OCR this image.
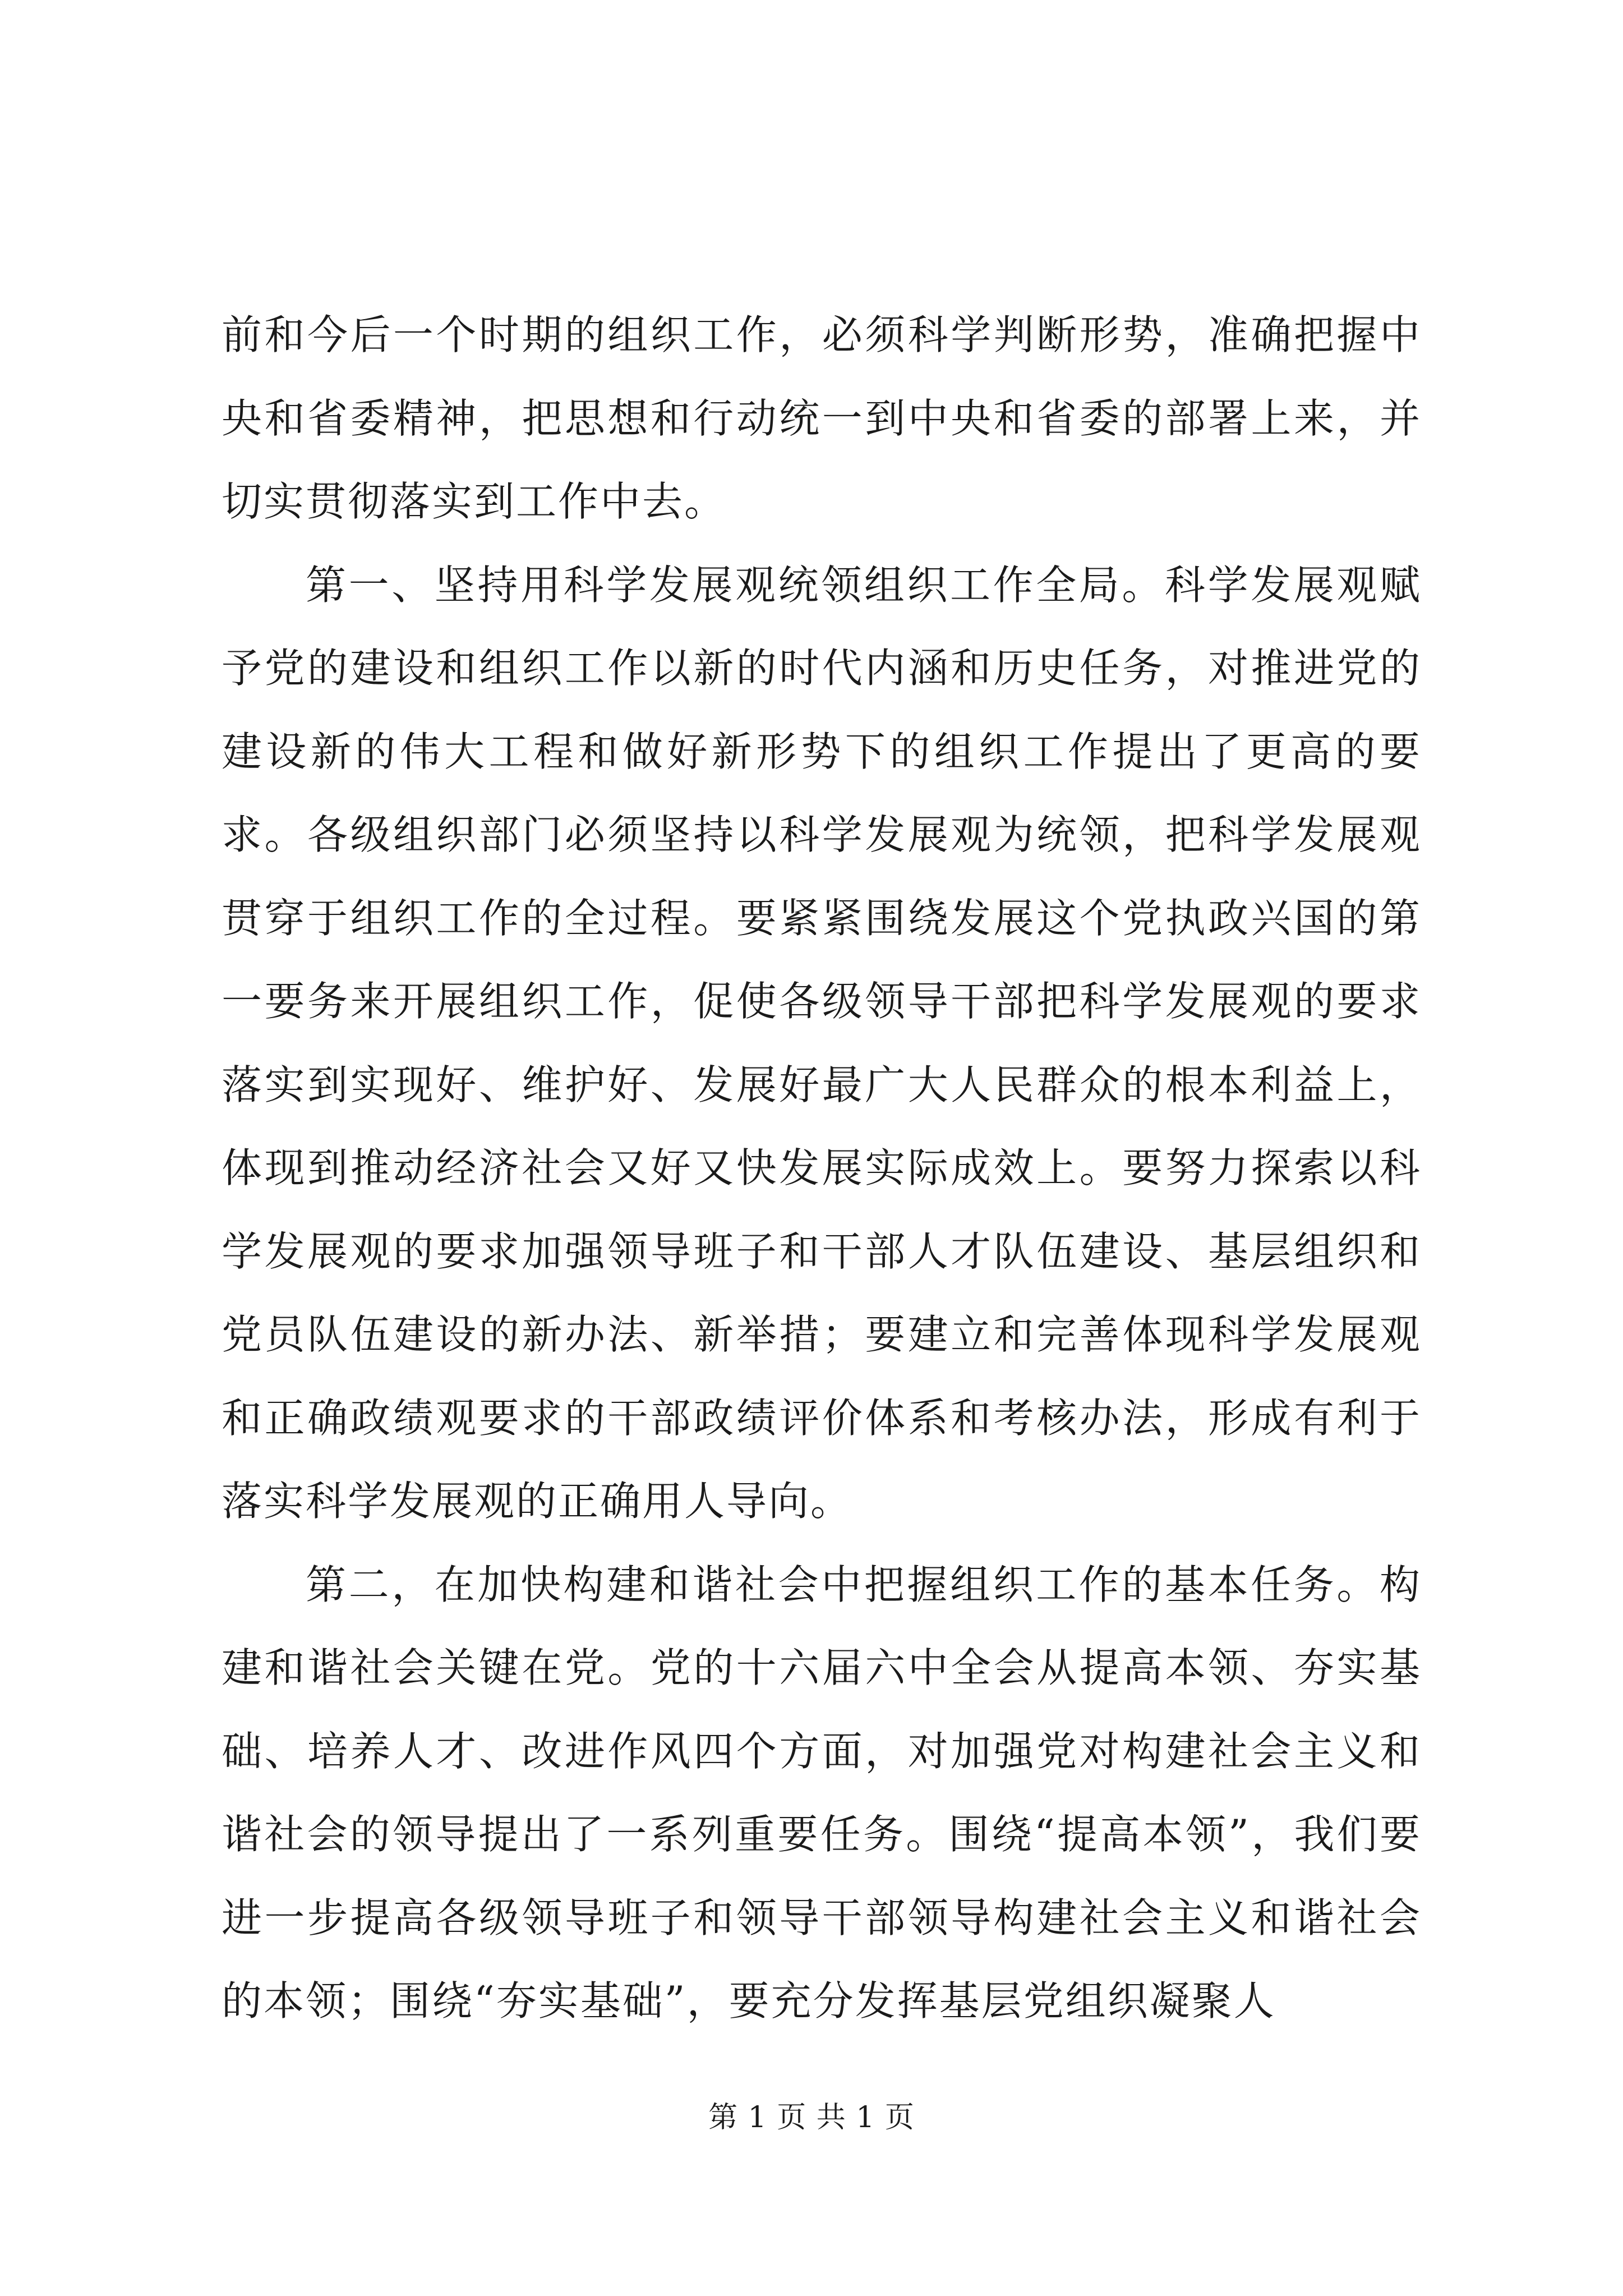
前和今后一个时期的组织工作，必须科学判断形势，准确把握中央和省委精神，把思想和行动统一到中央和省委的部署上来，并切实贯彻落实到工作中去。

第一、坚持用科学发展观统领组织工作全局。科学发展观赋予党的建设和组织工作以新的时代内涵和历史任务，对推进党的建设新的伟大工程和做好新形势下的组织工作提出了更高的要求。各级组织部门必须坚持以科学发展观为统领，把科学发展观贯穿于组织工作的全过程。要紧紧围绕发展这个党执政兴国的第一要务来开展组织工作，促使各级领导干部把科学发展观的要求落实到实现好、维护好、发展好最广大人民群众的根本利益上，体现到推动经济社会又好又快发展实际成效上。要努力探索以科学发展观的要求加强领导班子和干部人才队伍建设、基层组织和党员队伍建设的新办法、新举措；要建立和完善体现科学发展观和正确政绩观要求的干部政绩评价体系和考核办法，形成有利于落实科学发展观的正确用人导向。

第二，在加快构建和谐社会中把握组织工作的基本任务。构建和谐社会关键在党。党的十六届六中全会从提高本领、夯实基础、培养人才、改进作风四个方面，对加强党对构建社会主义和谐社会的领导提出了一系列重要任务。围绕“提高本领”，我们要进一步提高各级领导班子和领导干部领导构建社会主义和谐社会的本领；围绕“夯实基础”，要充分发挥基层党组织凝聚人

第 1 页 共 1 页
